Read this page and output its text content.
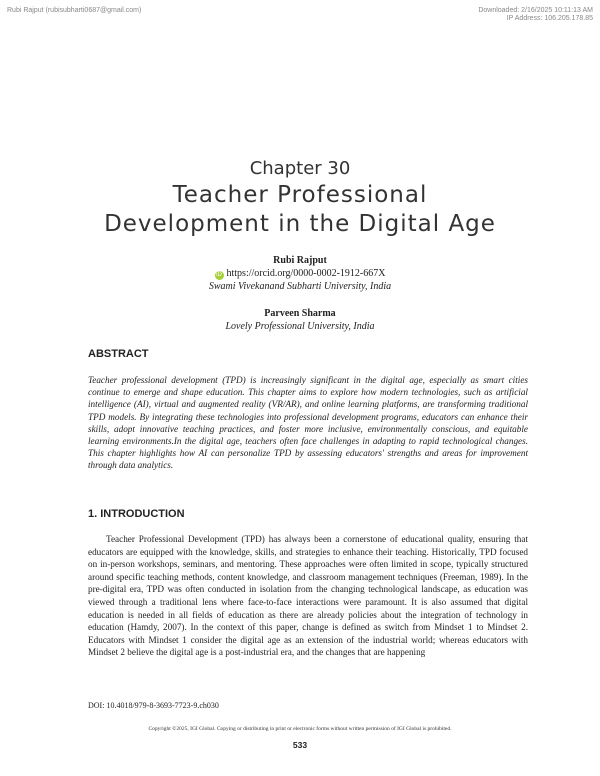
Rubi Rajput (rubisubharti0687@gmail.com)	Downloaded: 2/16/2025 10:11:13 AM
IP Address: 106.205.178.85
Chapter 30
Teacher Professional
Development in the Digital Age
Rubi Rajput
iD https://orcid.org/0000-0002-1912-667X
Swami Vivekanand Subharti University, India
Parveen Sharma
Lovely Professional University, India
ABSTRACT
Teacher professional development (TPD) is increasingly significant in the digital age, especially as smart cities continue to emerge and shape education. This chapter aims to explore how modern technologies, such as artificial intelligence (AI), virtual and augmented reality (VR/AR), and online learning platforms, are transforming traditional TPD models. By integrating these technologies into professional development programs, educators can enhance their skills, adopt innovative teaching practices, and foster more inclusive, environmentally conscious, and equitable learning environments.In the digital age, teachers often face challenges in adapting to rapid technological changes. This chapter highlights how AI can personalize TPD by assessing educators' strengths and areas for improvement through data analytics.
1. INTRODUCTION

Teacher Professional Development (TPD) has always been a cornerstone of educational quality, ensuring that educators are equipped with the knowledge, skills, and strategies to enhance their teaching. Historically, TPD focused on in-person workshops, seminars, and mentoring. These approaches were often limited in scope, typically structured around specific teaching methods, content knowledge, and classroom management techniques (Freeman, 1989). In the pre-digital era, TPD was often conducted in isolation from the changing technological landscape, as education was viewed through a traditional lens where face-to-face interactions were paramount. It is also assumed that digital education is needed in all fields of education as there are already policies about the integration of technology in education (Hamdy, 2007). In the context of this paper, change is defined as switch from Mindset 1 to Mindset 2. Educators with Mindset 1 consider the digital age as an extension of the industrial world; whereas educators with Mindset 2 believe the digital age is a post-industrial era, and the changes that are happening

DOI: 10.4018/979-8-3693-7723-9.ch030
Copyright ©2025, IGI Global. Copying or distributing in print or electronic forms without written permission of IGI Global is prohibited.
533
